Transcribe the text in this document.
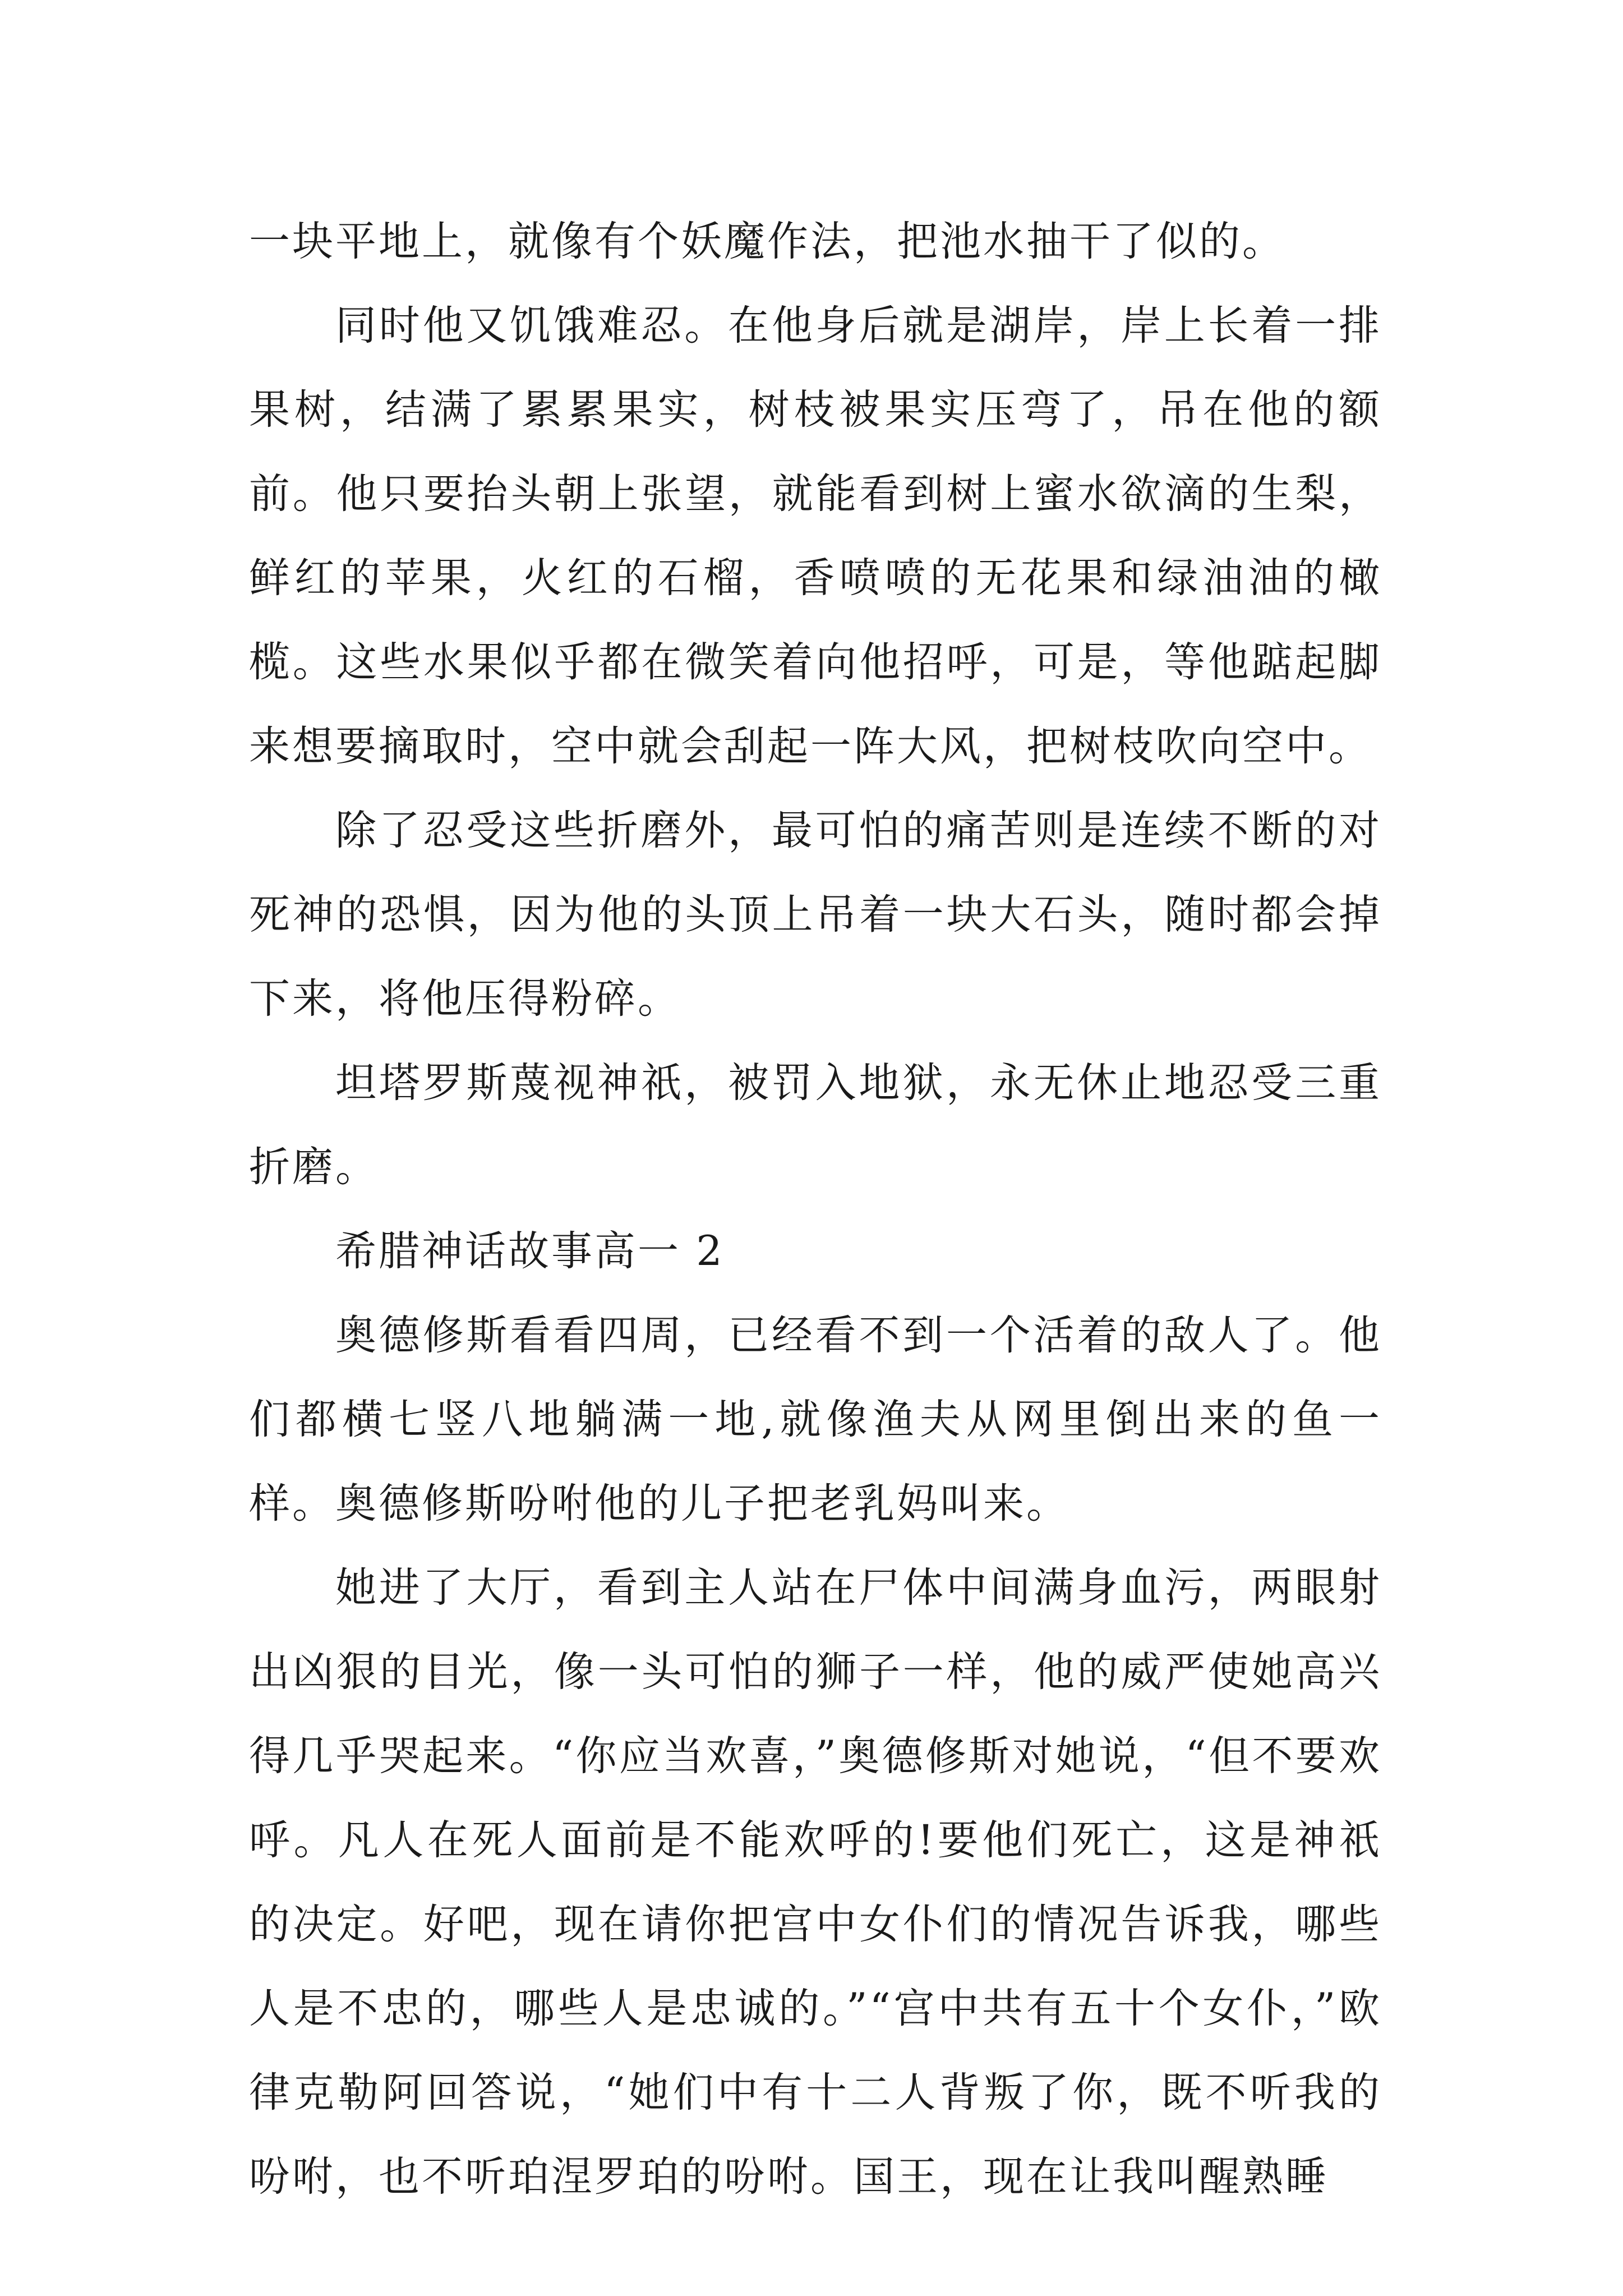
一块平地上，就像有个妖魔作法，把池水抽干了似的。

同时他又饥饿难忍。在他身后就是湖岸，岸上长着一排果树，结满了累累果实，树枝被果实压弯了，吊在他的额前。他只要抬头朝上张望，就能看到树上蜜水欲滴的生梨，鲜红的苹果，火红的石榴，香喷喷的无花果和绿油油的橄榄。这些水果似乎都在微笑着向他招呼，可是，等他踮起脚来想要摘取时，空中就会刮起一阵大风，把树枝吹向空中。

除了忍受这些折磨外，最可怕的痛苦则是连续不断的对死神的恐惧，因为他的头顶上吊着一块大石头，随时都会掉下来，将他压得粉碎。

坦塔罗斯蔑视神祇，被罚入地狱，永无休止地忍受三重折磨。

希腊神话故事高一 2

奥德修斯看看四周，已经看不到一个活着的敌人了。他们都横七竖八地躺满一地,就像渔夫从网里倒出来的鱼一样。奥德修斯吩咐他的儿子把老乳妈叫来。

她进了大厅，看到主人站在尸体中间满身血污，两眼射出凶狠的目光，像一头可怕的狮子一样，他的威严使她高兴得几乎哭起来。“你应当欢喜，”奥德修斯对她说，“但不要欢呼。凡人在死人面前是不能欢呼的!要他们死亡，这是神祇的决定。好吧，现在请你把宫中女仆们的情况告诉我，哪些人是不忠的，哪些人是忠诚的。”“宫中共有五十个女仆，”欧律克勒阿回答说，“她们中有十二人背叛了你，既不听我的吩咐，也不听珀涅罗珀的吩咐。国王，现在让我叫醒熟睡
